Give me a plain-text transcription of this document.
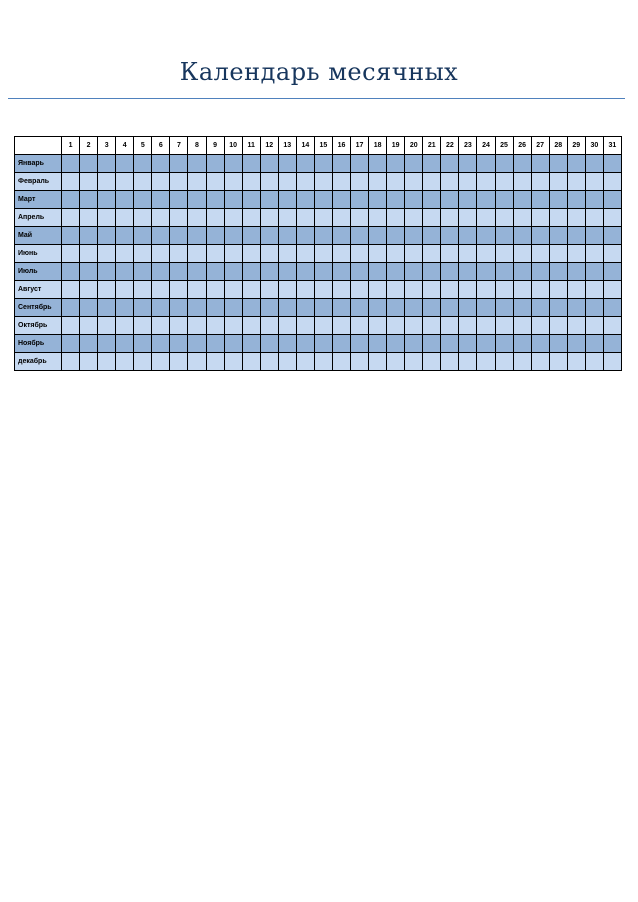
Календарь месячных
	1	2	3	4	5	6	7	8	9	10	11	12	13	14	15	16	17	18	19	20	21	22	23	24	25	26	27	28	29	30	31
Январь																															
Февраль																															
Март																															
Апрель																															
Май																															
Июнь																															
Июль																															
Август																															
Сентябрь																															
Октябрь																															
Ноябрь																															
декабрь																															
